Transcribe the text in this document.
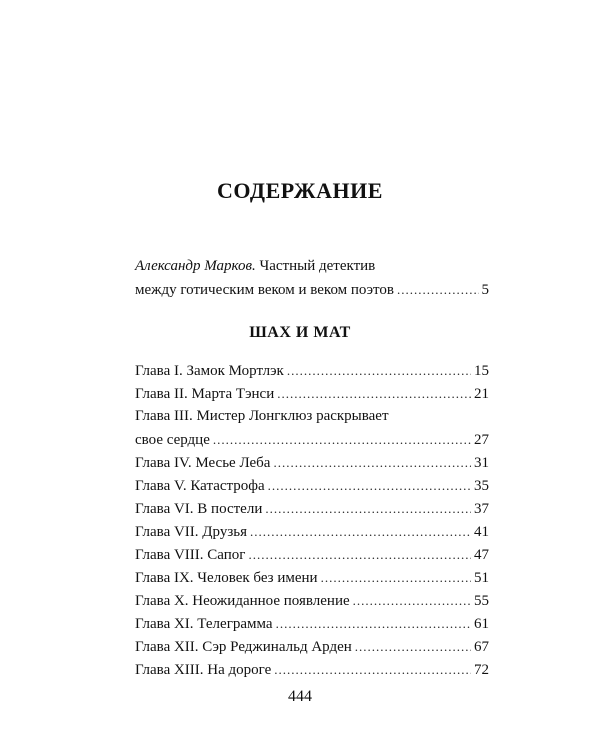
СОДЕРЖАНИЕ
Александр Марков. Частный детектив
между готическим веком и веком поэтов .....	5
ШАХ И МАТ
Глава I. Замок Мортлэк .....	15
Глава II. Марта Тэнси .....	21
Глава III. Мистер Лонгклюз раскрывает
свое сердце .....	27
Глава IV. Месье Леба .....	31
Глава V. Катастрофа .....	35
Глава VI. В постели .....	37
Глава VII. Друзья .....	41
Глава VIII. Сапог .....	47
Глава IX. Человек без имени .....	51
Глава X. Неожиданное появление .....	55
Глава XI. Телеграмма .....	61
Глава XII. Сэр Реджинальд Арден .....	67
Глава XIII. На дороге .....	72
444
